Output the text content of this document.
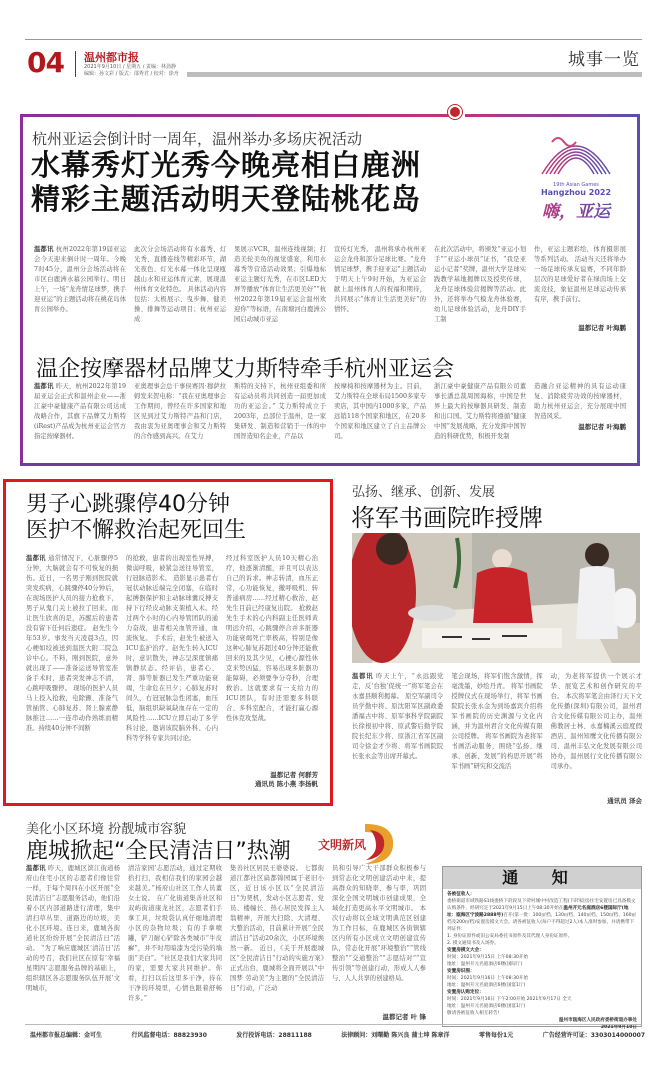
04 温州都市报
2021年9月10日 / 星期五 / 责编：林劲静
编辑：孙文彩 / 版式：邵秀君 / 校对：徐舟
城事一览
杭州亚运会倒计时一周年，温州举办多场庆祝活动
水幕秀灯光秀今晚亮相白鹿洲
精彩主题活动明天登陆桃花岛	19th Asian Games
Hangzhou 2022
嗨，亚运
温都讯 杭州2022年第19届亚运会今天迎来倒计时一周年。今晚7时45分，温州分会场活动将在市区白鹿洲水幕公园举行。明日上午，一场“龙舟情足球梦，携手迎亚运”的主题活动将在桃花岛体育公园举办。
此次分会场活动将有水幕秀、灯光秀、直播连线等精彩环节，湖光夜色、灯光水幕一体化呈现瓯越山水和亚运体育元素，展现温州体育文化特色。 具体活动内容包括：太极展示、曳步舞、健美操、排舞等运动项目；杭州亚运成
果展示VCR，温州连线视频；打造美轮美奂的视觉盛宴，利用水幕秀等营造活动效果；引爆地标亚运主题灯光秀，在市区LED大屏等播放“体育让生活更美好”“杭州2022年第19届亚运会温州欢迎你”等标语，在南塘河白鹿洲公园启动城市亚运
宣传灯光秀。 温州将承办杭州亚运会龙舟和部分足球比赛。“龙舟情足球梦，携手迎亚运”主题活动于明天上午9时开始，为亚运会献上温州体育人的祝福和期待，共同展示“体育让生活更美好”的情怀。
在此次活动中，将颁发“亚运小划手”“亚运小球员”证书，“我是亚运小记者”奖牌，温州大学足球实践教学基地揭牌以及授奖传球，龙舟足球体验营揭牌等活动。此外，还将举办气模龙舟体验赛，幼儿足球体验活动，龙舟DIY手工制
作，亚运主题彩绘，体育摄影展等系列活动。 活动当天还将举办一场足球传承友谊赛，不同年龄层次的足球爱好者在绿茵场上交流竞技，象征温州足球运动传承有序，携手前行。
温都记者 叶海鹏
温企按摩器材品牌艾力斯特牵手杭州亚运会
温都讯 昨天，杭州2022年第19届亚运会正式和温州企业——浙江豪中豪健康产品有限公司达成战略合作，其旗下品牌艾力斯特(iRest)产品成为杭州亚运会官方指定按摩器材。
亚奥理事会总干事侯赛因·穆萨拉姆发来贺电称：“我在亚奥理事会工作期间，曾经在许多国家和地区见到过艾力斯特产品和门店，我由衷为亚奥理事会和艾力斯特的合作感到高兴。在艾力
斯特的支持下，杭州亚组委和所有运动员将共同创造一届更加成功的亚运会。” 艾力斯特成立于2003年，总部位于温州，是一家集研发、制造和营销于一体的中国智造知名企业，产品以
按摩椅和按摩器材为主。目前，艾力斯特在全球布局1500多家专卖店，其中国内1000多家，产品远销118个国家和地区，在20多个国家和地区建立了自主品牌公司。
浙江豪中豪健康产品有限公司董事长潘总裁周国海称，中国是世界上最大的按摩器具研发、制造和出口国。艾力斯特将遵循“健康中国”发展战略，充分发挥中国智造的科研优势，积极开发制
造融合亚运精神的具有运动康复、消除疲劳功效的按摩器材，助力杭州亚运会，充分展现中国智造风采。
温都记者 叶海鹏
男子心跳骤停40分钟
医护不懈救治起死回生
温都讯 通常情况下，心脏骤停5分钟，大脑就会有不可恢复的损伤。近日，一名男子刚到医院就突发疾病，心跳骤停40分钟后，在现场医护人员的接力抢救下，男子从鬼门关上被拉了回来。而让医生欣喜的是，苏醒后的患者没有留下任何后遗症。 赵先生今年53岁。事发当天凌晨3点，因心梗如绞被送到温医大附二院急诊中心。不料，刚到医院，意外就出现了——准备运送导管室准备手术时，患者突发神志不清，心跳呼吸骤停。 现场的医护人员马上投入抢救，电除颤、准备气管插管、心肺复苏、肾上腺素静脉推注……一连串动作熟练而精准。持续40分钟不间断
的抢救，患者的出现室性异搏，微弱呼吸，被紧急送往导管室，行冠脉造影术。 造影显示患者右冠状动脉近端完全闭塞，在临时起搏器保护和主动脉球囊反搏支持下行经皮动脉支架植入术。经过两个小时的心内导管团队的通力奋战，患者相关血管开通，血流恢复。 手术后，赵先生被送入ICU监护治疗。赵先生转入ICU时，意识散失，神志呈深度镇痛镇静状态。经评估，患者心、肾、肺等脏器已发生严重功能衰竭，生命危在旦夕；心肺复苏时间久，右冠冠脉急性闭塞，血压低，脑组织缺氧缺血存在一定的风险性……ICU立即启动了多学科讨论，邀请该院脑外科、心内科等学科专家共同讨论。
经过科室医护人员10天精心治疗，他逐渐清醒，并且可以表达自己的诉求。神志转清，血压正常，心功能恢复，撤呼吸机、转普通病房……经过精心救治，赵先生目前已经康复出院。 抢救赵先生手术的心内科副主任医师黄明远介绍，心跳骤停合并多脏器功能衰竭死亡率极高，特别是像这种心肺复苏超过40分钟还能救回来的及其少见，心梗心源性休克来势凶猛，容易出现多脏器功能障碍，必须要争分夺秒，合理救治。这就要求有一支给力的ICU团队，有时还需要多科联合、多科室配合，才能打赢心源性休克攻坚战。
温都记者 何群芳
通讯员 陈小燕 李扬帆
弘扬、继承、创新、发展
将军书画院昨授牌
温都讯 昨天上午，“永远跟党走，反‘台独’促统一”将军笔会在永嘉县顺利揭幕。 原空军副司令员学勤中将、原沈阳军区副政委潘福古中将、原军事科学院副院长徐根初中将、原武警后勤学院院长纪东少将、原浙江省军区副司令徐金才少将、将军书画院院长张永金等出席开幕式。
笔会现场，将军们饱含激情，挥毫泼墨，妙绘丹青。 将军书画院授牌仪式在现场举行，将军书画院院长张永金为到场嘉宾介绍将军书画院的历史渊源与文化内涵，并为温州君合文化传媒有限公司授牌。 将军书画院为老将军书画活动服务，围绕“弘扬、继承、创新、发展”的构思开展“将军书画”研究和交流活
动，为老将军提供一个展示才华、展览艺术和创作研究的平台。 本次将军笔会由泽行天下文化传播(深圳)有限公司，温州君合文化传媒有限公司主办，温州佛教居士林、永嘉楠溪云庭度假酒店、温州知鹰文化传播有限公司、温州丰弘文化发展有限公司协办，温州展行文化传播有限公司承办。
通讯员 泽会
美化小区环境 扮靓城市容貌
鹿城掀起“全民清洁日”热潮 文明新风
温都讯 昨天，鹿城区滨江街道杨府山住宅小区的志愿者们像往常一样，于每个周四在小区开展“全民清洁日”志愿服务活动，他们沿着小区内部道路进行清理，集中清扫草丛里、道路边的垃圾，美化小区环境。连日来，鹿城各街道社区纷纷开展“全民清洁日”活动。 “为了响应鹿城区‘清洁日’活动的号召，我们社区在原有‘幸福星期四’志愿服务品牌的基础上，组织辖区各志愿服务队伍开展‘文明城市，
清洁家园’志愿活动，通过定期收拾打扫，我相信我们的家园会越来越美。”杨府山社区工作人员董女士说。 在广化街道集善社区和双屿街道康龙社区，志愿者们手拿工具，垃圾袋认真仔细地清理小区的杂物垃圾；有的手拿喷罐，铲刀耐心铲除各类城市“牛皮癣”，并不时用暗漆为受污染的墙面“美白”。“社区是我们大家共同的家，需要大家共同维护。你看，打扫以后这里多干净，待在干净的环境里，心情也跟着舒畅许多。”
集善社区居民王婆婆说。 七都街道江都社区扁都锦园属于老旧小区，近日该小区以“全民清洁日”为契机，发动小区志愿者、党员、楼幢长、热心居民发挥主人翁精神，开展大扫除、大清理、大整治活动，目前累计开展“全民清洁日”活动20余次，小区环境焕然一新。 近日，《关于开展鹿城区“全民清洁日”行动的实施方案》正式出台，鹿城将全面开展以“中国梦 劳动美”为主题的“全民清洁日”行动，广泛动
员和引导广大干部群众积极参与到常态化文明创建活动中来，提高群众的知晓率、参与率，巩固深化全国文明城市创建成果，全域化打造更高水平文明城市。 本次行动将以全域文明典范区创建为工作目标，在鹿城区各街镇辖区内所有小区成立文明创建宣传队，常态化开展“环境整治”“管线整治”“交通整治”“志愿结对”“宣传引领”等创建行动，形成人人参与、人人共享的创建格局。
温都记者 叶 锋
通 知
各被征收人：
娄桥街道市域铁路S1线娄桥下莳段及下莳村城中村改造工程(下莳家园)住宅安置房已具备模文认购条件，经研究定于2021年9月15日上午08:30开始在温州开元名庭酒店6楼国际厅(地址：瓯海区宁波路2888号)召开(第一批：100㎡档、130㎡档、140㎡档、150㎡档、160㎡档及200㎡档)安置房摸文大会。请各被征收人(每户不得超过2人)本人准时参加，并请携带下列证件：
1. 身份证原件或旧公安局委托书原件及其代理人身份证原件。
2. 摸文通知书及入场券。
安置房摸文大会：
时间：2021年9月15日 上午08:30开始
地址：温州开元名庭酒店6楼(国际厅)
安置房识图：
时间：2021年9月16日 上午08:30开始
地址：温州开元名庭酒店6楼(国宴1厅)
安置房认购定位：
时间：2021年9月16日 下午2:00开始 2021年9月17日 全天
地址：温州开元名庭酒店6楼(国宴1厅)
敬请各被征收人相互转告!
温州市瓯海区人民政府娄桥街道办事处
2021年9月10日
温州都市报总编辑：金可生	行风监督电话：88823930	发行投诉电话：28811188	法律顾问：刘曙勤 陈兴良 蒲士坤 陈章洋	零售每份1元	广告经营许可证：3303014000007
